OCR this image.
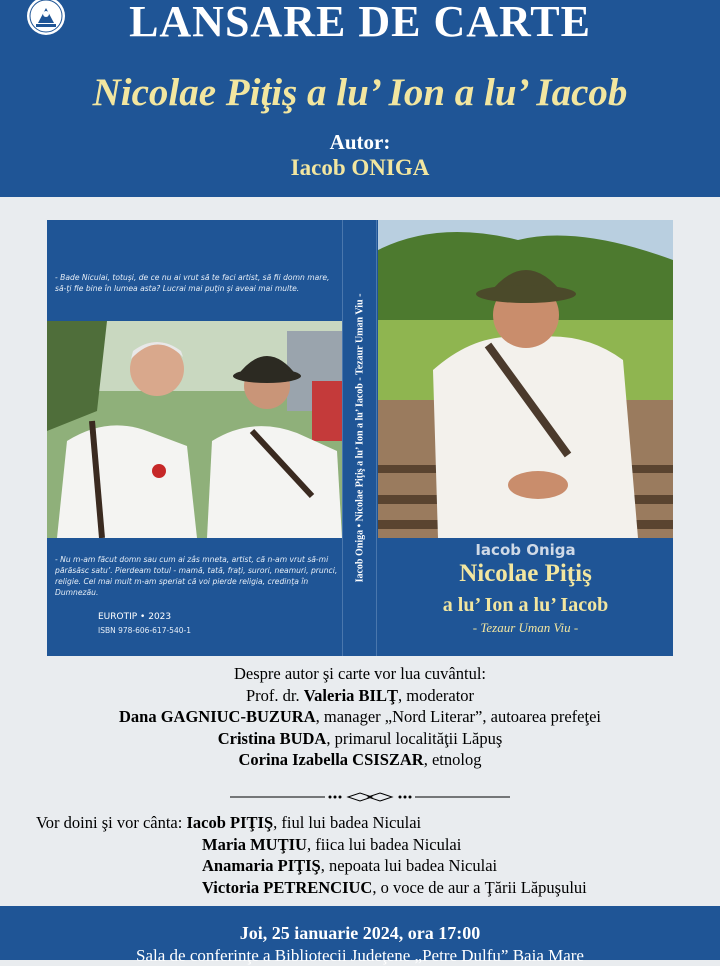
LANSARE DE CARTE
Nicolae Piţiş a lu’ Ion a lu’ Iacob
Autor:
Iacob ONIGA
- Bade Niculai, totuşi, de ce nu ai vrut să te faci artist, să fii domn mare, să-ţi fie bine în lumea asta? Lucrai mai puţin şi aveai mai multe.
- Nu m-am făcut domn sau cum ai zâs mneta, artist, că n-am vrut să-mi părăsăsc satu’. Pierdeam totul - mamă, tată, fraţi, surori, neamuri, prunci, religie. Cel mai mult m-am speriat că voi pierde religia, credinţa în Dumnezău.
EUROTIP • 2023
ISBN 978-606-617-540-1
Iacob Oniga • Nicolae Piţiş a lu’ Ion a lu’ Iacob - Tezaur Uman Viu -	Iacob Oniga
Nicolae Piţiş
a lu’ Ion a lu’ Iacob
- Tezaur Uman Viu -
Despre autor şi carte vor lua cuvântul:
Prof. dr. Valeria BILŢ, moderator
Dana GAGNIUC-BUZURA, manager „Nord Literar”, autoarea prefeţei
Cristina BUDA, primarul localităţii Lăpuş
Corina Izabella CSISZAR, etnolog
Vor doini şi vor cânta: Iacob PIŢIŞ, fiul lui badea Niculai
Maria MUŢIU, fiica lui badea Niculai
Anamaria PIŢIŞ, nepoata lui badea Niculai
Victoria PETRENCIUC, o voce de aur a Ţării Lăpuşului
Joi, 25 ianuarie 2024, ora 17:00
Sala de conferinţe a Bibliotecii Judeţene „Petre Dulfu” Baia Mare
